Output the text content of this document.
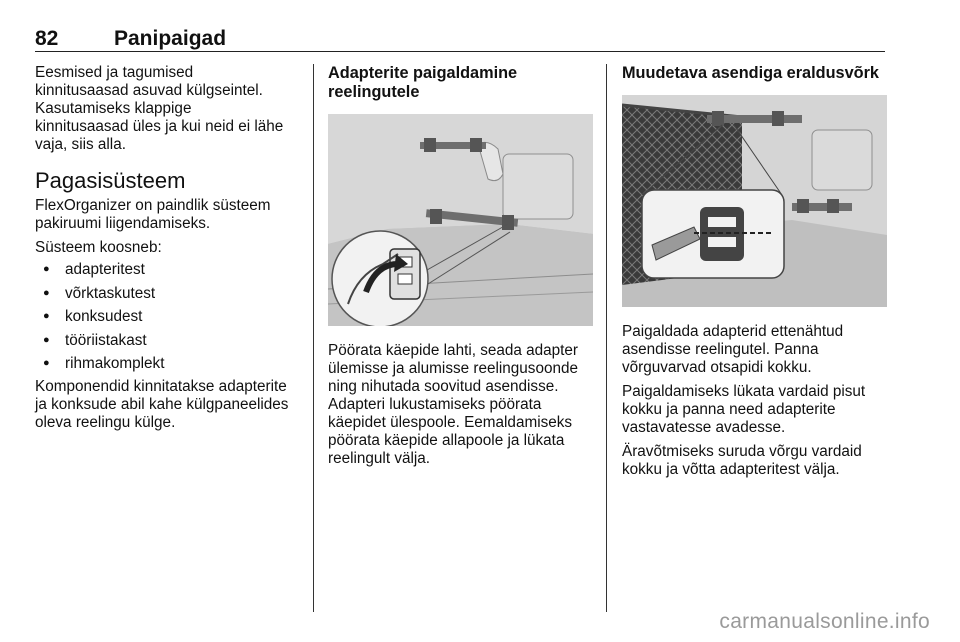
82	Panipaigad

Eesmised ja tagumised
kinnitusaasad asuvad külgseintel.
Kasutamiseks klappige
kinnitusaasad üles ja kui neid ei lähe
vaja, siis alla.

Pagasisüsteem

FlexOrganizer on paindlik süsteem
pakiruumi liigendamiseks.

Süsteem koosneb:

● adapteritest
● võrktaskutest
● konksudest
● tööriistakast
● rihmakomplekt

Komponendid kinnitatakse adapterite
ja konksude abil kahe külgpaneelides
oleva reelingu külge.

Adapterite paigaldamine
reelingutele

Pöörata käepide lahti, seada adapter
ülemisse ja alumisse reelingusoonde
ning nihutada soovitud asendisse.
Adapteri lukustamiseks pöörata
käepidet ülespoole. Eemaldamiseks
pöörata käepide allapoole ja lükata
reelingult välja.

Muudetava asendiga eraldusvõrk

Paigaldada adapterid ettenähtud
asendisse reelingutel. Panna
võrguvarvad otsapidi kokku.

Paigaldamiseks lükata vardaid pisut
kokku ja panna need adapterite
vastavatesse avadesse.

Äravõtmiseks suruda võrgu vardaid
kokku ja võtta adapteritest välja.

carmanualsonline.info
